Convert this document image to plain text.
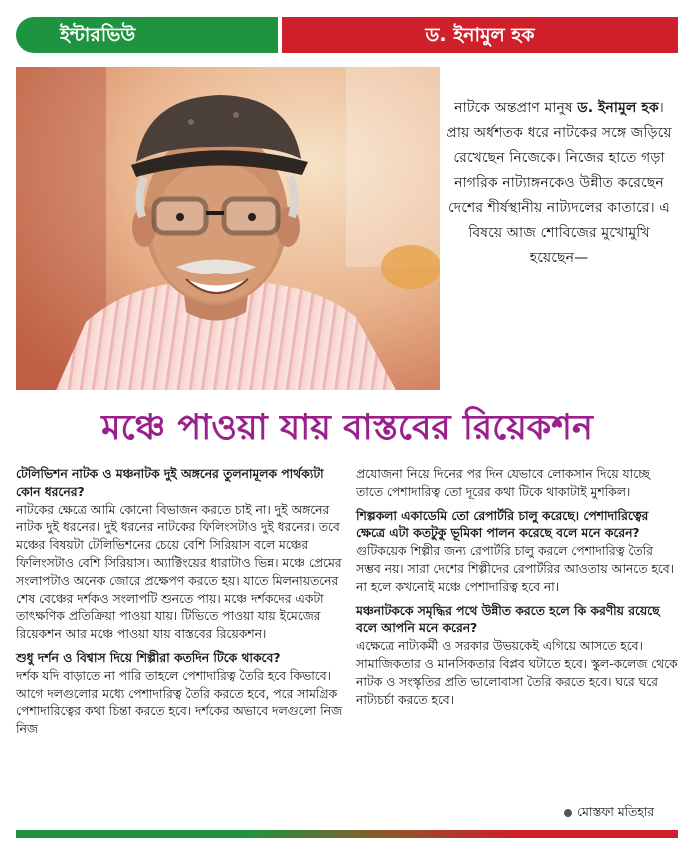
ইন্টারভিউ	ড. ইনামুল হক
নাটকে অন্তপ্রাণ মানুষ ড. ইনামুল হক। প্রায় অর্ধশতক ধরে নাটকের সঙ্গে জড়িয়ে রেখেছেন নিজেকে। নিজের হাতে গড়া নাগরিক নাট্যাঙ্গনকেও উন্নীত করেছেন দেশের শীর্ষস্থানীয় নাট্যদলের কাতারে। এ বিষয়ে আজ শোবিজের মুখোমুখি হয়েছেন—
মঞ্চে পাওয়া যায় বাস্তবের রিয়েকশন

টেলিভিশন নাটক ও মঞ্চনাটক দুই অঙ্গনের তুলনামূলক পার্থক্যটা কোন ধরনের?

নাটকের ক্ষেত্রে আমি কোনো বিভাজন করতে চাই না। দুই অঙ্গনের নাটক দুই ধরনের। দুই ধরনের নাটকের ফিলিংসটাও দুই ধরনের। তবে মঞ্চের বিষয়টা টেলিভিশনের চেয়ে বেশি সিরিয়াস বলে মঞ্চের ফিলিংসটাও বেশি সিরিয়াস। অ্যাক্টিংয়ের ধারাটাও ভিন্ন। মঞ্চে প্রেমের সংলাপটাও অনেক জোরে প্রক্ষেপণ করতে হয়। যাতে মিলনায়তনের শেষ বেঞ্চের দর্শকও সংলাপটি শুনতে পায়। মঞ্চে দর্শকদের একটা তাৎক্ষণিক প্রতিক্রিয়া পাওয়া যায়। টিভিতে পাওয়া যায় ইমেজের রিয়েকশন আর মঞ্চে পাওয়া যায় বাস্তবের রিয়েকশন।

শুধু দর্শন ও বিশ্বাস দিয়ে শিল্পীরা কতদিন টিকে থাকবে?

দর্শক যদি বাড়াতে না পারি তাহলে পেশাদারিত্ব তৈরি হবে কিভাবে। আগে দলগুলোর মধ্যে পেশাদারিত্ব তৈরি করতে হবে, পরে সামগ্রিক পেশাদারিত্বের কথা চিন্তা করতে হবে। দর্শকের অভাবে দলগুলো নিজ নিজ

প্রযোজনা নিয়ে দিনের পর দিন যেভাবে লোকসান দিয়ে যাচ্ছে তাতে পেশাদারিত্ব তো দূরের কথা টিকে থাকাটাই মুশকিল।

শিল্পকলা একাডেমি তো রেপার্টরি চালু করেছে। পেশাদারিত্বের ক্ষেত্রে এটা কতটুকু ভূমিকা পালন করেছে বলে মনে করেন?

গুটিকয়েক শিল্পীর জন্য রেপার্টরি চালু করলে পেশাদারিত্ব তৈরি সম্ভব নয়। সারা দেশের শিল্পীদের রেপার্টরির আওতায় আনতে হবে। না হলে কখনোই মঞ্চে পেশাদারিত্ব হবে না।

মঞ্চনাটককে সমৃদ্ধির পথে উন্নীত করতে হলে কি করণীয় রয়েছে বলে আপনি মনে করেন?

এক্ষেত্রে নাট্যকর্মী ও সরকার উভয়কেই এগিয়ে আসতে হবে। সামাজিকতার ও মানসিকতার বিপ্লব ঘটাতে হবে। স্কুল-কলেজ থেকে নাটক ও সংস্কৃতির প্রতি ভালোবাসা তৈরি করতে হবে। ঘরে ঘরে নাট্যচর্চা করতে হবে।

মোস্তফা মতিহার
